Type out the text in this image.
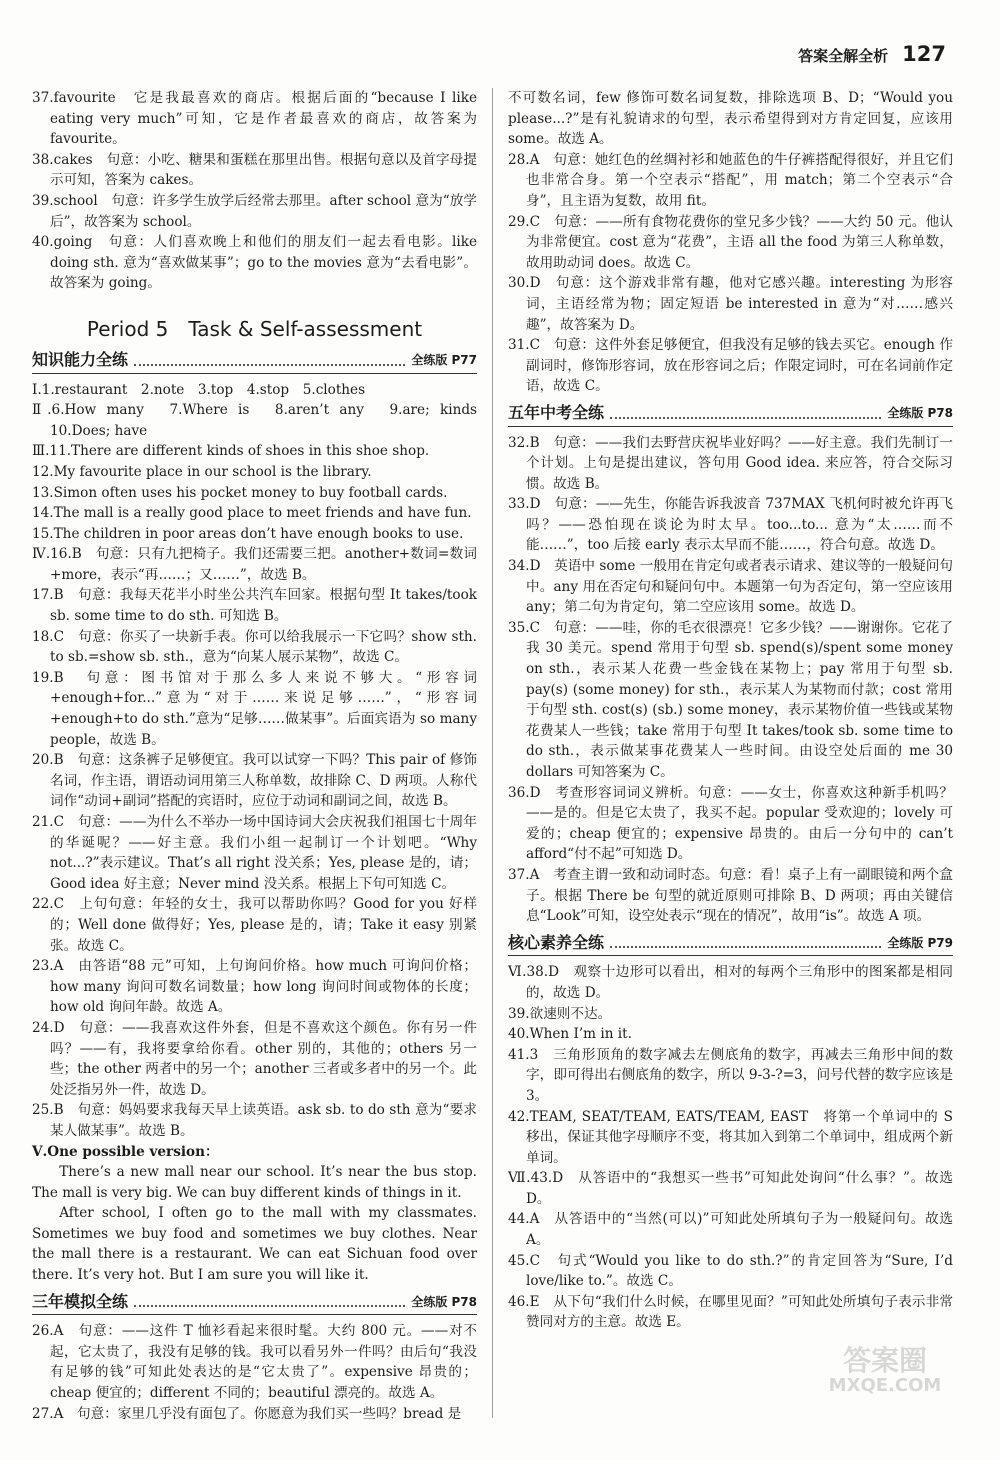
答案全解全析 127

37.favourite　它是我最喜欢的商店。根据后面的“because I like eating very much”可知，它是作者最喜欢的商店，故答案为 favourite。

38.cakes　句意：小吃、糖果和蛋糕在那里出售。根据句意以及首字母提示可知，答案为 cakes。

39.school　句意：许多学生放学后经常去那里。after school 意为“放学后”，故答案为 school。

40.going　句意：人们喜欢晚上和他们的朋友们一起去看电影。like doing sth. 意为“喜欢做某事”；go to the movies 意为“去看电影”。故答案为 going。

Period 5　Task & Self-assessment
知识能力全练	全练版 P77

Ⅰ.1.restaurant　2.note　3.top　4.stop　5.clothes

Ⅱ.6.How many　7.Where is　8.aren’t any　9.are; kinds　10.Does; have

Ⅲ.11.There are different kinds of shoes in this shoe shop.

12.My favourite place in our school is the library.

13.Simon often uses his pocket money to buy football cards.

14.The mall is a really good place to meet friends and have fun.

15.The children in poor areas don’t have enough books to use.

Ⅳ.16.B　句意：只有九把椅子。我们还需要三把。another+数词=数词+more，表示“再……；又……”，故选 B。

17.B　句意：我每天花半小时坐公共汽车回家。根据句型 It takes/took sb. some time to do sth. 可知选 B。

18.C　句意：你买了一块新手表。你可以给我展示一下它吗？show sth. to sb.=show sb. sth.，意为“向某人展示某物”，故选 C。

19.B　句意：图书馆对于那么多人来说不够大。“形容词+enough+for...”意为“对于……来说足够……”，“形容词+enough+to do sth.”意为“足够……做某事”。后面宾语为 so many people，故选 B。

20.B　句意：这条裤子足够便宜。我可以试穿一下吗？This pair of 修饰名词，作主语，谓语动词用第三人称单数，故排除 C、D 两项。人称代词作“动词+副词”搭配的宾语时，应位于动词和副词之间，故选 B。

21.C　句意：——为什么不举办一场中国诗词大会庆祝我们祖国七十周年的华诞呢？——好主意。我们小组一起制订一个计划吧。“Why not...?”表示建议。That’s all right 没关系；Yes, please 是的，请；Good idea 好主意；Never mind 没关系。根据上下句可知选 C。

22.C　上句句意：年轻的女士，我可以帮助你吗？Good for you 好样的；Well done 做得好；Yes, please 是的，请；Take it easy 别紧张。故选 C。

23.A　由答语“88 元”可知，上句询问价格。how much 可询问价格；how many 询问可数名词数量；how long 询问时间或物体的长度；how old 询问年龄。故选 A。

24.D　句意：——我喜欢这件外套，但是不喜欢这个颜色。你有另一件吗？——有，我将要拿给你看。other 别的，其他的；others 另一些；the other 两者中的另一个；another 三者或多者中的另一个。此处泛指另外一件，故选 D。

25.B　句意：妈妈要求我每天早上读英语。ask sb. to do sth 意为“要求某人做某事”。故选 B。

Ⅴ.One possible version：

There’s a new mall near our school. It’s near the bus stop. The mall is very big. We can buy different kinds of things in it.

After school, I often go to the mall with my classmates. Sometimes we buy food and sometimes we buy clothes. Near the mall there is a restaurant. We can eat Sichuan food over there. It’s very hot. But I am sure you will like it.

三年模拟全练	全练版 P78

26.A　句意：——这件 T 恤衫看起来很时髦。大约 800 元。——对不起，它太贵了，我没有足够的钱。我可以看另外一件吗？由后句“我没有足够的钱”可知此处表达的是“它太贵了”。expensive 昂贵的；cheap 便宜的；different 不同的；beautiful 漂亮的。故选 A。

27.A　句意：家里几乎没有面包了。你愿意为我们买一些吗？bread 是

不可数名词，few 修饰可数名词复数，排除选项 B、D；“Would you please...?”是有礼貌请求的句型，表示希望得到对方肯定回复，应该用 some。故选 A。

28.A　句意：她红色的丝绸衬衫和她蓝色的牛仔裤搭配得很好，并且它们也非常合身。第一个空表示“搭配”，用 match；第二个空表示“合身”，且主语为复数，故用 fit。

29.C　句意：——所有食物花费你的堂兄多少钱？——大约 50 元。他认为非常便宜。cost 意为“花费”，主语 all the food 为第三人称单数，故用助动词 does。故选 C。

30.D　句意：这个游戏非常有趣，他对它感兴趣。interesting 为形容词，主语经常为物；固定短语 be interested in 意为“对……感兴趣”，故答案为 D。

31.C　句意：这件外套足够便宜，但我没有足够的钱去买它。enough 作副词时，修饰形容词，放在形容词之后；作限定词时，可在名词前作定语，故选 C。

五年中考全练	全练版 P78

32.B　句意：——我们去野营庆祝毕业好吗？——好主意。我们先制订一个计划。上句是提出建议，答句用 Good idea. 来应答，符合交际习惯。故选 B。

33.D　句意：——先生，你能告诉我波音 737MAX 飞机何时被允许再飞吗？——恐怕现在谈论为时太早。too...to... 意为“太……而不能……”，too 后接 early 表示太早而不能……，符合句意。故选 D。

34.D　英语中 some 一般用在肯定句或者表示请求、建议等的一般疑问句中。any 用在否定句和疑问句中。本题第一句为否定句，第一空应该用 any；第二句为肯定句，第二空应该用 some。故选 D。

35.C　句意：——哇，你的毛衣很漂亮！它多少钱？——谢谢你。它花了我 30 美元。spend 常用于句型 sb. spend(s)/spent some money on sth.，表示某人花费一些金钱在某物上；pay 常用于句型 sb. pay(s) (some money) for sth.，表示某人为某物而付款；cost 常用于句型 sth. cost(s) (sb.) some money，表示某物价值一些钱或某物花费某人一些钱；take 常用于句型 It takes/took sb. some time to do sth.，表示做某事花费某人一些时间。由设空处后面的 me 30 dollars 可知答案为 C。

36.D　考查形容词词义辨析。句意：——女士，你喜欢这种新手机吗？——是的。但是它太贵了，我买不起。popular 受欢迎的；lovely 可爱的；cheap 便宜的；expensive 昂贵的。由后一分句中的 can’t afford“付不起”可知选 D。

37.A　考查主谓一致和动词时态。句意：看！桌子上有一副眼镜和两个盒子。根据 There be 句型的就近原则可排除 B、D 两项；再由关键信息“Look”可知，设空处表示“现在的情况”，故用“is”。故选 A 项。

核心素养全练	全练版 P79

Ⅵ.38.D　观察十边形可以看出，相对的每两个三角形中的图案都是相同的，故选 D。

39.欲速则不达。

40.When I’m in it.

41.3　三角形顶角的数字减去左侧底角的数字，再减去三角形中间的数字，即可得出右侧底角的数字，所以 9-3-?=3，问号代替的数字应该是 3。

42.TEAM, SEAT/TEAM, EATS/TEAM, EAST　将第一个单词中的 S 移出，保证其他字母顺序不变，将其加入到第二个单词中，组成两个新单词。

Ⅶ.43.D　从答语中的“我想买一些书”可知此处询问“什么事？”。故选 D。

44.A　从答语中的“当然(可以)”可知此处所填句子为一般疑问句。故选 A。

45.C　句式“Would you like to do sth.?”的肯定回答为“Sure, I’d love/like to.”。故选 C。

46.E　从下句“我们什么时候，在哪里见面？”可知此处所填句子表示非常赞同对方的主意。故选 E。

答案圈
MXQE.COM
